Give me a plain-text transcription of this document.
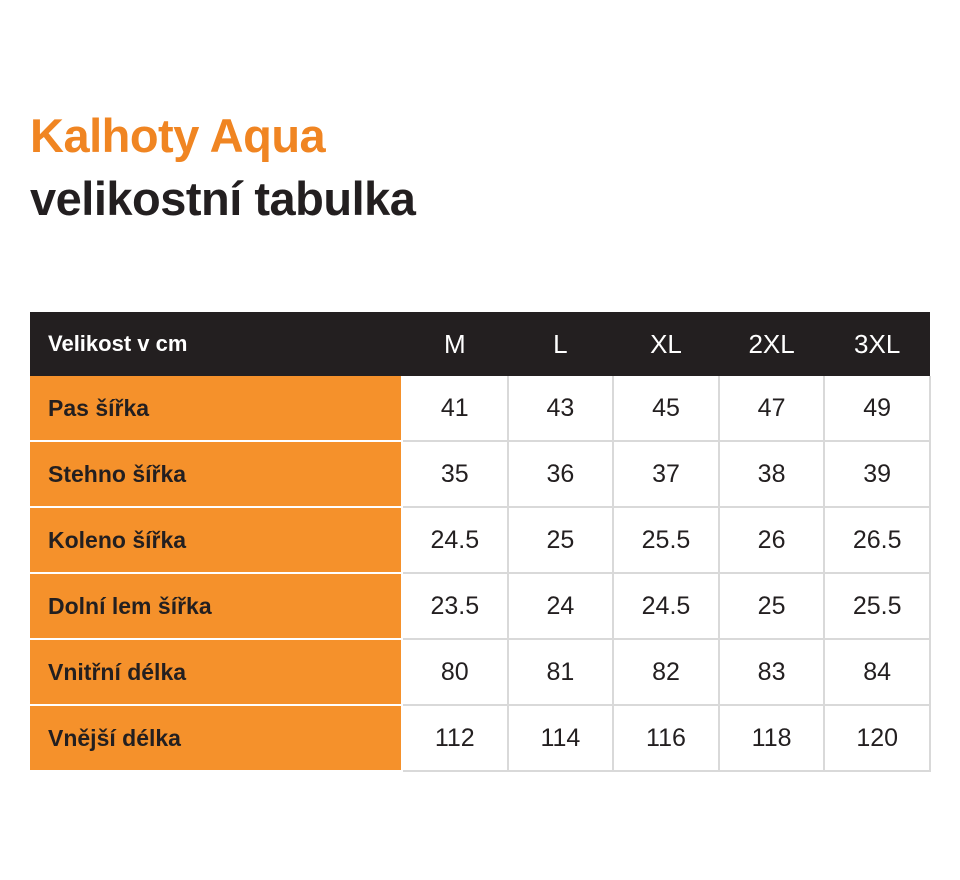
Kalhoty Aqua
velikostní tabulka
Velikost v cm	M	L	XL	2XL	3XL
Pas šířka	41	43	45	47	49
Stehno šířka	35	36	37	38	39
Koleno šířka	24.5	25	25.5	26	26.5
Dolní lem šířka	23.5	24	24.5	25	25.5
Vnitřní délka	80	81	82	83	84
Vnější délka	112	114	116	118	120
